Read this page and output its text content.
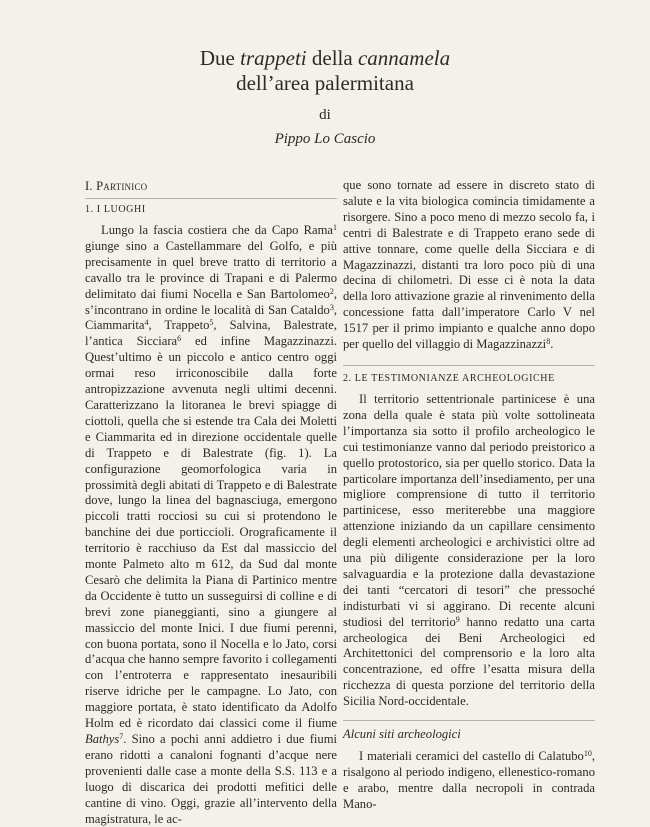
Due trappeti della cannamela
dell’area palermitana
di
Pippo Lo Cascio
I. Partinico
1. I LUOGHI

Lungo la fascia costiera che da Capo Rama$^1$ giunge sino a Castellammare del Golfo, e più precisamente in quel breve tratto di territorio a cavallo tra le province di Trapani e di Palermo delimitato dai fiumi Nocella e San Bartolomeo$^2$, s’incontrano in ordine le località di San Cataldo$^3$, Ciammarita$^4$, Trappeto$^5$, Salvina, Balestrate, l’antica Sicciara$^6$ ed infine Magazzinazzi. Quest’ultimo è un piccolo e antico centro oggi ormai reso irriconoscibile dalla forte antropizzazione avvenuta negli ultimi decenni. Caratterizzano la litoranea le brevi spiagge di ciottoli, quella che si estende tra Cala dei Moletti e Ciammarita ed in direzione occidentale quelle di Trappeto e di Balestrate (fig. 1). La configurazione geomorfologica varia in prossimità degli abitati di Trappeto e di Balestrate dove, lungo la linea del bagnasciuga, emergono piccoli tratti rocciosi su cui si protendono le banchine dei due porticcioli. Orograficamente il territorio è racchiuso da Est dal massiccio del monte Palmeto alto m 612, da Sud dal monte Cesarò che delimita la Piana di Partinico mentre da Occidente è tutto un susseguirsi di colline e di brevi zone pianeggianti, sino a giungere al massiccio del monte Inici. I due fiumi perenni, con buona portata, sono il Nocella e lo Jato, corsi d’acqua che hanno sempre favorito i collegamenti con l’entroterra e rappresentato inesauribili riserve idriche per le campagne. Lo Jato, con maggiore portata, è stato identificato da Adolfo Holm ed è ricordato dai classici come il fiume Bathys$^7$. Sino a pochi anni addietro i due fiumi erano ridotti a canaloni fognanti d’acque nere provenienti dalle case a monte della S.S. 113 e a luogo di discarica dei prodotti mefitici delle cantine di vino. Oggi, grazie all’intervento della magistratura, le ac-

que sono tornate ad essere in discreto stato di salute e la vita biologica comincia timidamente a risorgere. Sino a poco meno di mezzo secolo fa, i centri di Balestrate e di Trappeto erano sede di attive tonnare, come quelle della Sicciara e di Magazzinazzi, distanti tra loro poco più di una decina di chilometri. Di esse ci è nota la data della loro attivazione grazie al rinvenimento della concessione fatta dall’imperatore Carlo V nel 1517 per il primo impianto e qualche anno dopo per quello del villaggio di Magazzinazzi$^8$.

2. LE TESTIMONIANZE ARCHEOLOGICHE

Il territorio settentrionale partinicese è una zona della quale è stata più volte sottolineata l’importanza sia sotto il profilo archeologico le cui testimonianze vanno dal periodo preistorico a quello protostorico, sia per quello storico. Data la particolare importanza dell’insediamento, per una migliore comprensione di tutto il territorio partinicese, esso meriterebbe una maggiore attenzione iniziando da un capillare censimento degli elementi archeologici e archivistici oltre ad una più diligente considerazione per la loro salvaguardia e la protezione dalla devastazione dei tanti “cercatori di tesori” che pressoché indisturbati vi si aggirano. Di recente alcuni studiosi del territorio$^9$ hanno redatto una carta archeologica dei Beni Archeologici ed Architettonici del comprensorio e la loro alta concentrazione, ed offre l’esatta misura della ricchezza di questa porzione del territorio della Sicilia Nord-occidentale.

Alcuni siti archeologici

I materiali ceramici del castello di Calatubo$^{10}$, risalgono al periodo indigeno, ellenestico-romano e arabo, mentre dalla necropoli in contrada Mano-
